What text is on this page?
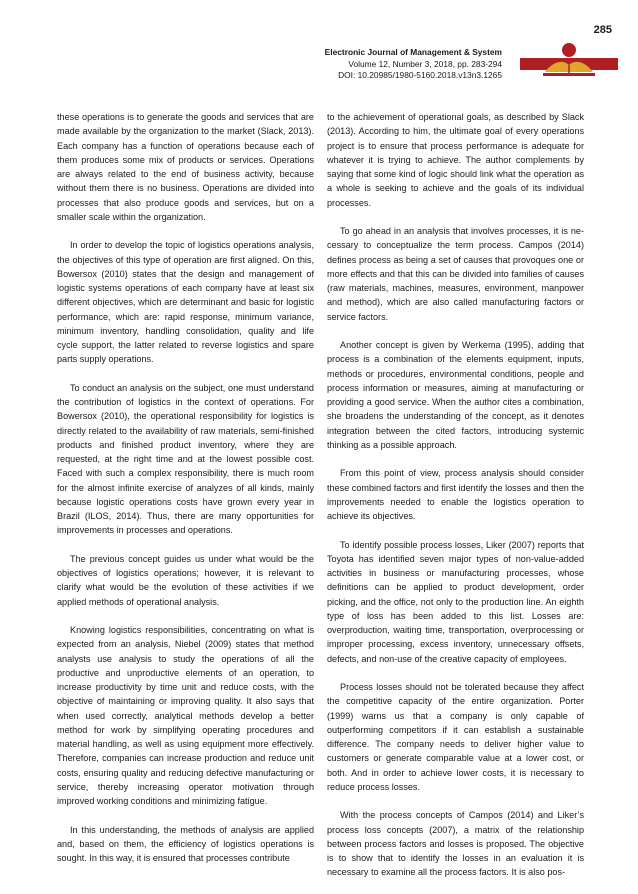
285
Electronic Journal of Management & System
Volume 12, Number 3, 2018, pp. 283-294
DOI: 10.20985/1980-5160.2018.v13n3.1265

these operations is to generate the goods and services that are made available by the organization to the market (Slack, 2013). Each company has a function of operations because each of them produces some mix of products or services. Operations are always related to the end of business activity, because without them there is no business. Operations are divided into processes that also produce goods and services, but on a smaller scale within the organization.

In order to develop the topic of logistics operations analysis, the objectives of this type of operation are first aligned. On this, Bowersox (2010) states that the design and management of logistic systems operations of each company have at least six different objectives, which are determinant and basic for logistic performance, which are: rapid response, minimum variance, minimum inventory, handling consolidation, quality and life cycle support, the latter related to reverse logistics and spare parts supply operations.

To conduct an analysis on the subject, one must understand the contribution of logistics in the context of operations. For Bowersox (2010), the operational responsibility for logistics is directly related to the availability of raw materials, semi-finished products and finished product inventory, where they are requested, at the right time and at the lowest possible cost. Faced with such a complex responsibility, there is much room for the almost infinite exercise of analyzes of all kinds, mainly because logistic operations costs have grown every year in Brazil (ILOS, 2014). Thus, there are many opportunities for improvements in processes and operations.

The previous concept guides us under what would be the objectives of logistics operations; however, it is relevant to clarify what would be the evolution of these activities if we applied methods of operational analysis.

Knowing logistics responsibilities, concentrating on what is expected from an analysis, Niebel (2009) states that method analysts use analysis to study the operations of all the productive and unproductive elements of an operation, to increase productivity by time unit and reduce costs, with the objective of maintaining or improving quality. It also says that when used correctly, analytical methods develop a better method for work by simplifying operating procedures and material handling, as well as using equipment more effectively. Therefore, companies can increase production and reduce unit costs, ensuring quality and reducing defective manufacturing or service, thereby increasing operator motivation through improved working conditions and minimizing fatigue.

In this understanding, the methods of analysis are applied and, based on them, the efficiency of logistics operations is sought. In this way, it is ensured that processes contribute

to the achievement of operational goals, as described by Slack (2013). According to him, the ultimate goal of every operations project is to ensure that process performance is adequate for whatever it is trying to achieve. The author complements by saying that some kind of logic should link what the operation as a whole is seeking to achieve and the goals of its individual processes.

To go ahead in an analysis that involves processes, it is necessary to conceptualize the term process. Campos (2014) defines process as being a set of causes that provoques one or more effects and that this can be divided into families of causes (raw materials, machines, measures, environment, manpower and method), which are also called manufacturing factors or service factors.

Another concept is given by Werkema (1995), adding that process is a combination of the elements equipment, inputs, methods or procedures, environmental conditions, people and process information or measures, aiming at manufacturing or providing a good service. When the author cites a combination, she broadens the understanding of the concept, as it denotes integration between the cited factors, introducing systemic thinking as a possible approach.

From this point of view, process analysis should consider these combined factors and first identify the losses and then the improvements needed to enable the logistics operation to achieve its objectives.

To identify possible process losses, Liker (2007) reports that Toyota has identified seven major types of non-value-added activities in business or manufacturing processes, whose definitions can be applied to product development, order picking, and the office, not only to the production line. An eighth type of loss has been added to this list. Losses are: overproduction, waiting time, transportation, overprocessing or improper processing, excess inventory, unnecessary offsets, defects, and non-use of the creative capacity of employees.

Process losses should not be tolerated because they affect the competitive capacity of the entire organization. Porter (1999) warns us that a company is only capable of outperforming competitors if it can establish a sustainable difference. The company needs to deliver higher value to customers or generate comparable value at a lower cost, or both. And in order to achieve lower costs, it is necessary to reduce process losses.

With the process concepts of Campos (2014) and Liker’s process loss concepts (2007), a matrix of the relationship between process factors and losses is proposed. The objective is to show that to identify the losses in an evaluation it is necessary to examine all the process factors. It is also pos-
